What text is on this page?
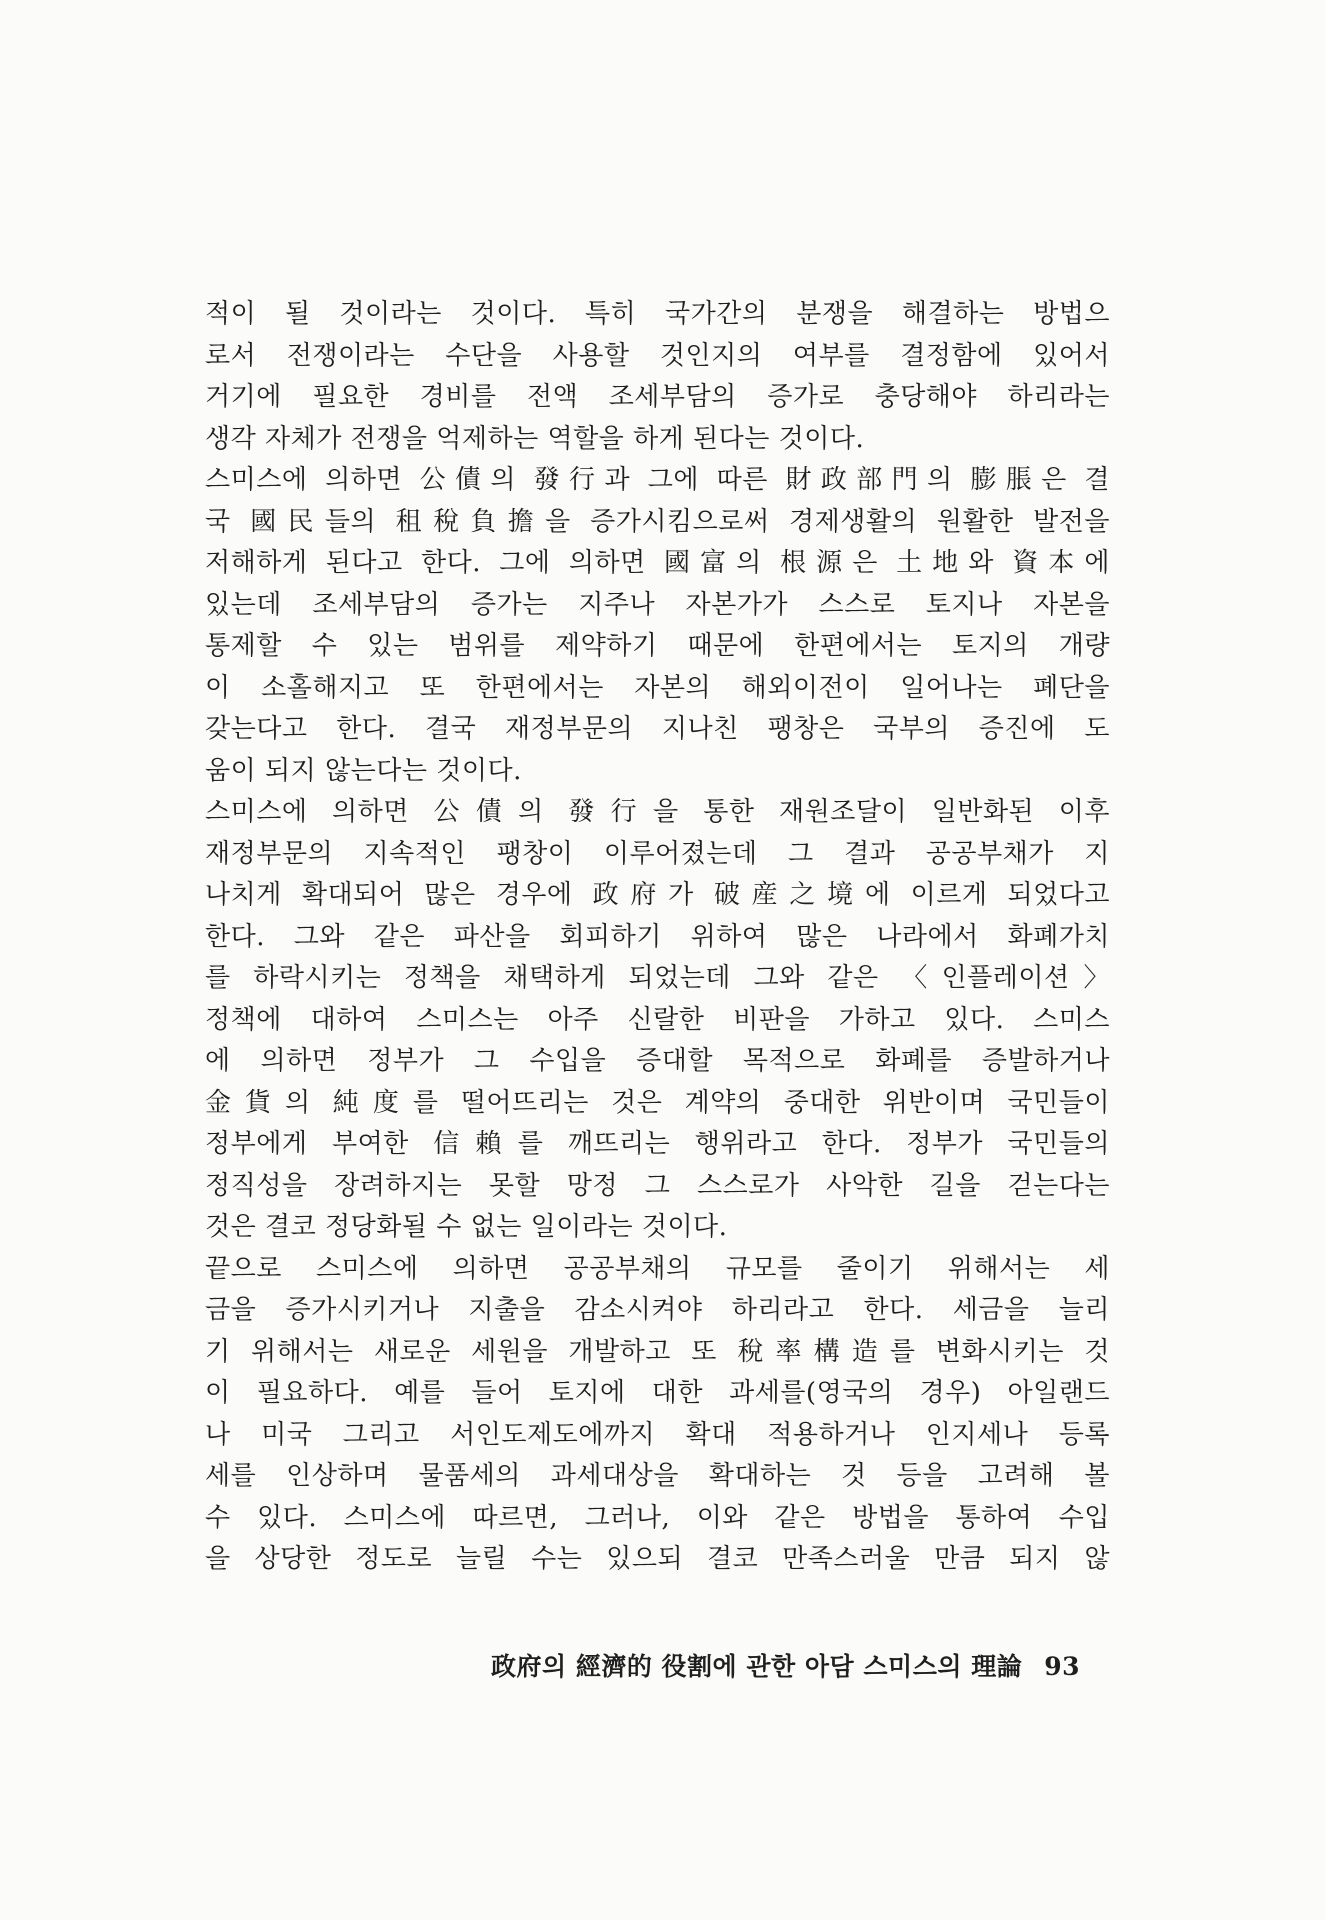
적이 될 것이라는 것이다. 특히 국가간의 분쟁을 해결하는 방법으
로서 전쟁이라는 수단을 사용할 것인지의 여부를 결정함에 있어서
거기에 필요한 경비를 전액 조세부담의 증가로 충당해야 하리라는
생각 자체가 전쟁을 억제하는 역할을 하게 된다는 것이다.
스미스에 의하면 公債의 發行과 그에 따른 財政部門의 膨脹은 결
국 國民들의 租稅負擔을 증가시킴으로써 경제생활의 원활한 발전을
저해하게 된다고 한다. 그에 의하면 國富의 根源은 土地와 資本에
있는데 조세부담의 증가는 지주나 자본가가 스스로 토지나 자본을
통제할 수 있는 범위를 제약하기 때문에 한편에서는 토지의 개량
이 소홀해지고 또 한편에서는 자본의 해외이전이 일어나는 폐단을
갖는다고 한다. 결국 재정부문의 지나친 팽창은 국부의 증진에 도
움이 되지 않는다는 것이다.
스미스에 의하면 公債의 發行을 통한 재원조달이 일반화된 이후
재정부문의 지속적인 팽창이 이루어졌는데 그 결과 공공부채가 지
나치게 확대되어 많은 경우에 政府가 破産之境에 이르게 되었다고
한다. 그와 같은 파산을 회피하기 위하여 많은 나라에서 화폐가치
를 하락시키는 정책을 채택하게 되었는데 그와 같은 〈인플레이션〉
정책에 대하여 스미스는 아주 신랄한 비판을 가하고 있다. 스미스
에 의하면 정부가 그 수입을 증대할 목적으로 화폐를 증발하거나
金貨의 純度를 떨어뜨리는 것은 계약의 중대한 위반이며 국민들이
정부에게 부여한 信賴를 깨뜨리는 행위라고 한다. 정부가 국민들의
정직성을 장려하지는 못할 망정 그 스스로가 사악한 길을 걷는다는
것은 결코 정당화될 수 없는 일이라는 것이다.
끝으로 스미스에 의하면 공공부채의 규모를 줄이기 위해서는 세
금을 증가시키거나 지출을 감소시켜야 하리라고 한다. 세금을 늘리
기 위해서는 새로운 세원을 개발하고 또 稅率構造를 변화시키는 것
이 필요하다. 예를 들어 토지에 대한 과세를(영국의 경우) 아일랜드
나 미국 그리고 서인도제도에까지 확대 적용하거나 인지세나 등록
세를 인상하며 물품세의 과세대상을 확대하는 것 등을 고려해 볼
수 있다. 스미스에 따르면, 그러나, 이와 같은 방법을 통하여 수입
을 상당한 정도로 늘릴 수는 있으되 결코 만족스러울 만큼 되지 않
政府의 經濟的 役割에 관한 아담 스미스의 理論 93
